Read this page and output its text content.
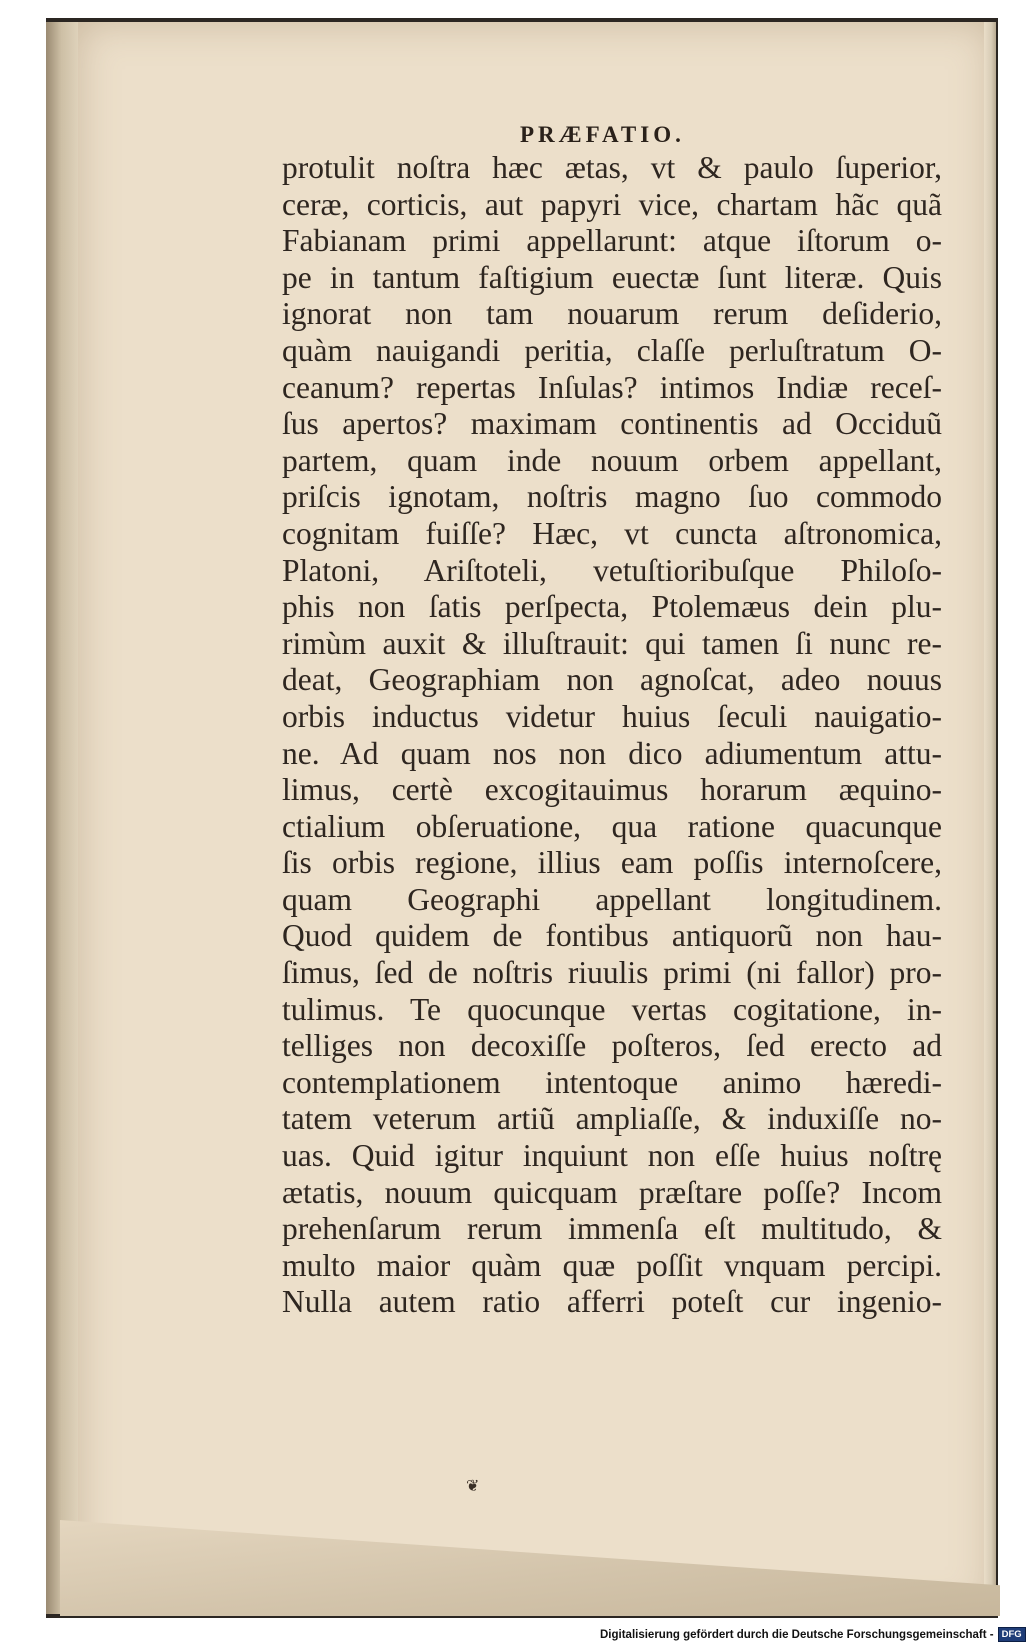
PRÆFATIO.
protulit noſtra hæc ætas, vt & paulo ſuperior,
ceræ, corticis, aut papyri vice, chartam hãc quã
Fabianam primi appellarunt: atque iſtorum o-
pe in tantum faſtigium euectæ ſunt literæ. Quis
ignorat non tam nouarum rerum deſiderio,
quàm nauigandi peritia, claſſe perluſtratum O-
ceanum? repertas Inſulas? intimos Indiæ receſ-
ſus apertos? maximam continentis ad Occiduũ
partem, quam inde nouum orbem appellant,
priſcis ignotam, noſtris magno ſuo commodo
cognitam fuiſſe? Hæc, vt cuncta aſtronomica,
Platoni, Ariſtoteli, vetuſtioribuſque Philoſo-
phis non ſatis perſpecta, Ptolemæus dein plu-
rimùm auxit & illuſtrauit: qui tamen ſi nunc re-
deat, Geographiam non agnoſcat, adeo nouus
orbis inductus videtur huius ſeculi nauigatio-
ne. Ad quam nos non dico adiumentum attu-
limus, certè excogitauimus horarum æquino-
ctialium obſeruatione, qua ratione quacunque
ſis orbis regione, illius eam poſſis internoſcere,
quam Geographi appellant longitudinem.
Quod quidem de fontibus antiquorũ non hau-
ſimus, ſed de noſtris riuulis primi (ni fallor) pro-
tulimus. Te quocunque vertas cogitatione, in-
telliges non decoxiſſe poſteros, ſed erecto ad
contemplationem intentoque animo hæredi-
tatem veterum artiũ ampliaſſe, & induxiſſe no-
uas. Quid igitur inquiunt non eſſe huius noſtrę
ætatis, nouum quicquam præſtare poſſe? Incom
prehenſarum rerum immenſa eſt multitudo, &
multo maior quàm quæ poſſit vnquam percipi.
Nulla autem ratio afferri poteſt cur ingenio-
❦
Digitalisierung gefördert durch die Deutsche Forschungsgemeinschaft - DFG
